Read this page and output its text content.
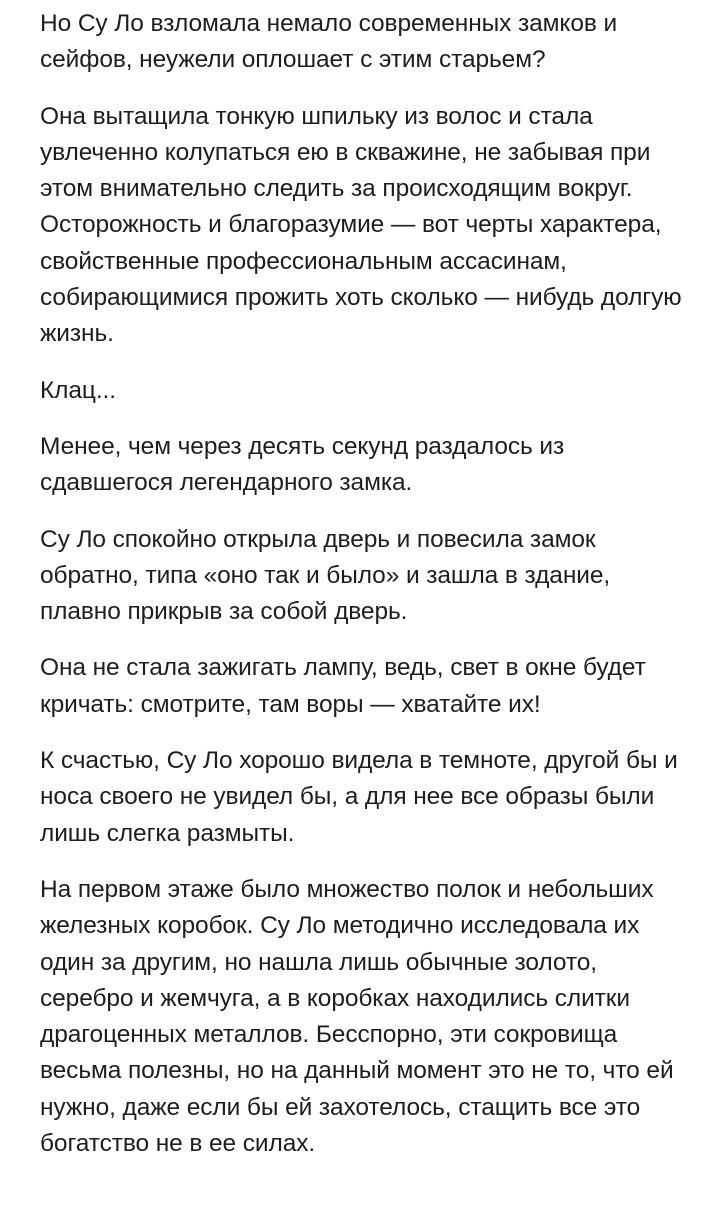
Но Су Ло взломала немало современных замков и сейфов, неужели оплошает с этим старьем?

Она вытащила тонкую шпильку из волос и стала увлеченно колупаться ею в скважине, не забывая при этом внимательно следить за происходящим вокруг. Осторожность и благоразумие — вот черты характера, свойственные профессиональным ассасинам, собирающимися прожить хоть сколько — нибудь долгую жизнь.

Клац...

Менее, чем через десять секунд раздалось из сдавшегося легендарного замка.

Су Ло спокойно открыла дверь и повесила замок обратно, типа «оно так и было» и зашла в здание, плавно прикрыв за собой дверь.

Она не стала зажигать лампу, ведь, свет в окне будет кричать: смотрите, там воры — хватайте их!

К счастью, Су Ло хорошо видела в темноте, другой бы и носа своего не увидел бы, а для нее все образы были лишь слегка размыты.

На первом этаже было множество полок и небольших железных коробок. Су Ло методично исследовала их один за другим, но нашла лишь обычные золото, серебро и жемчуга, а в коробках находились слитки драгоценных металлов. Бесспорно, эти сокровища весьма полезны, но на данный момент это не то, что ей нужно, даже если бы ей захотелось, стащить все это богатство не в ее силах.
